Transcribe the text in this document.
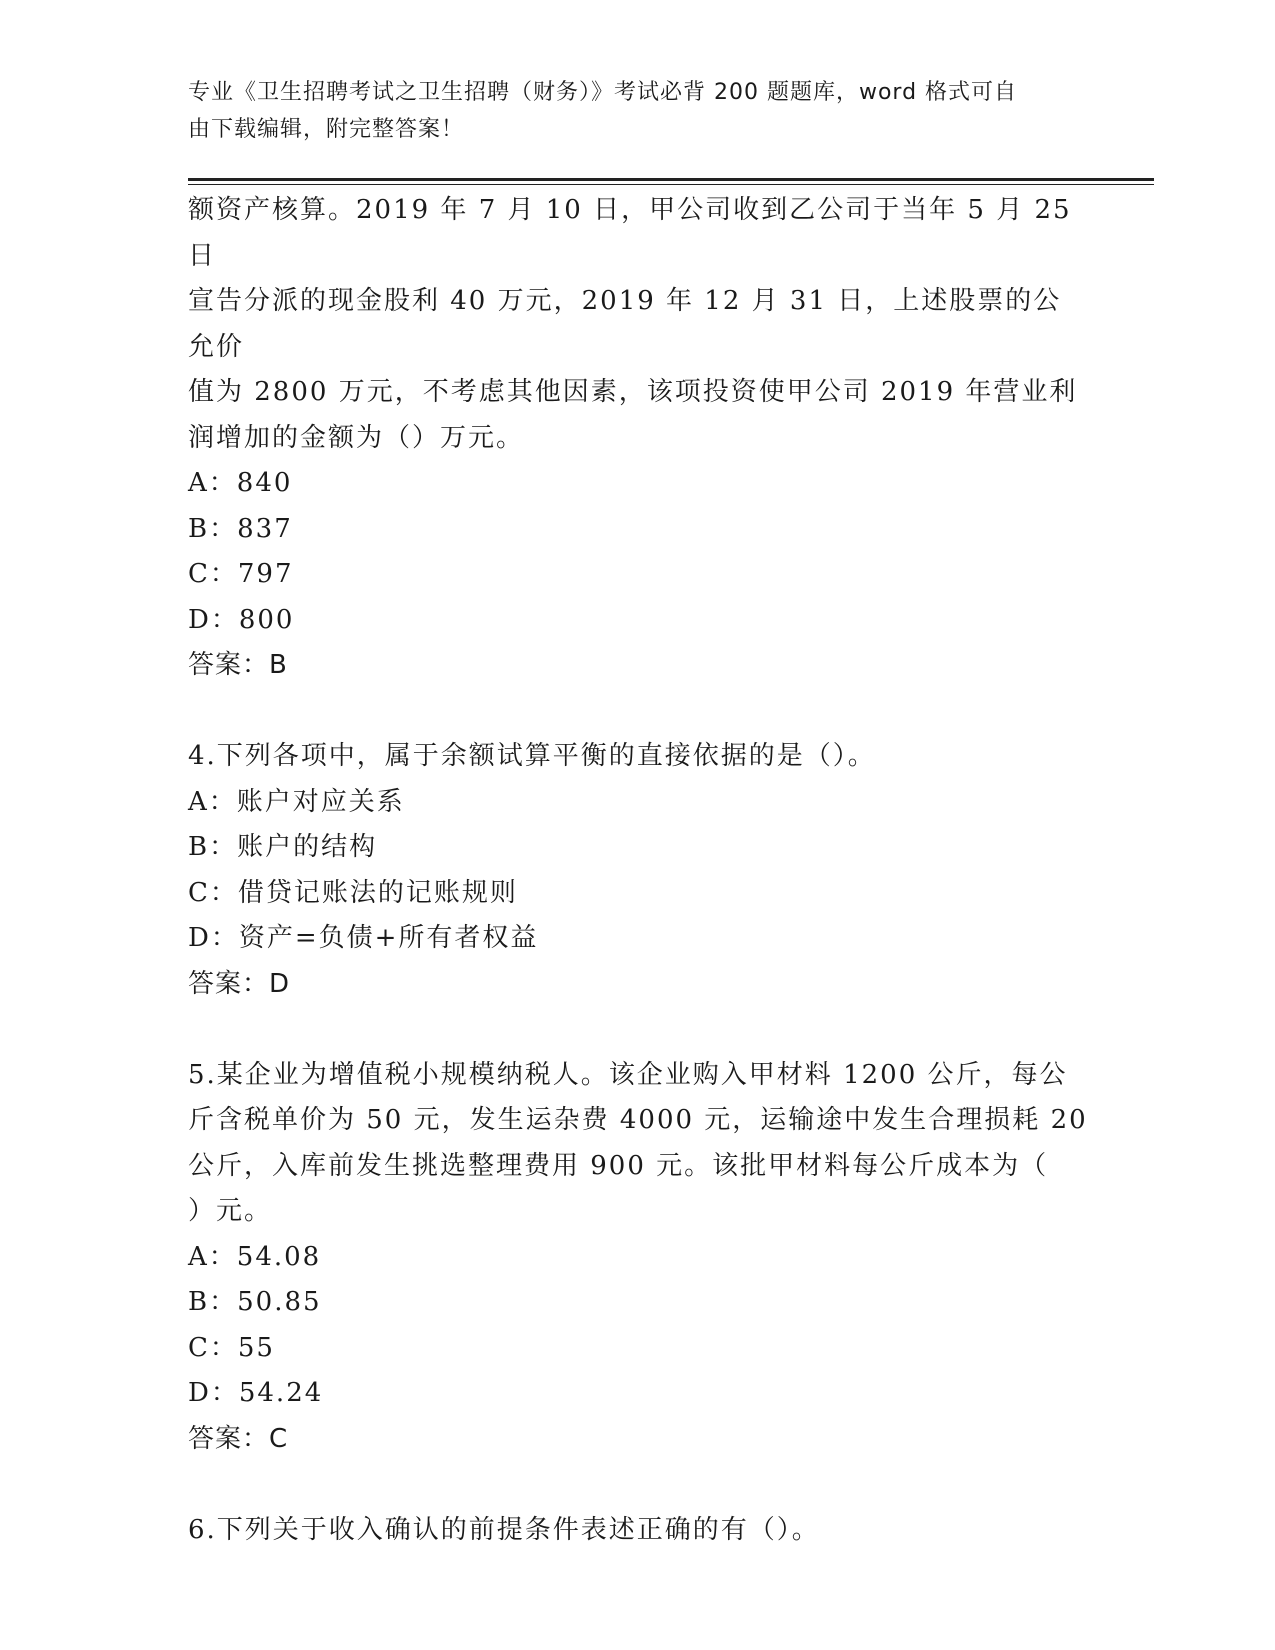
专业《卫生招聘考试之卫生招聘（财务）》考试必背 200 题题库，word 格式可自
由下载编辑，附完整答案！

额资产核算。2019 年 7 月 10 日，甲公司收到乙公司于当年 5 月 25 日

宣告分派的现金股利 40 万元，2019 年 12 月 31 日，上述股票的公允价

值为 2800 万元，不考虑其他因素，该项投资使甲公司 2019 年营业利

润增加的金额为（）万元。

A：840

B：837

C：797

D：800

答案：B

4.下列各项中，属于余额试算平衡的直接依据的是（）。

A：账户对应关系

B：账户的结构

C：借贷记账法的记账规则

D：资产=负债+所有者权益

答案：D

5.某企业为增值税小规模纳税人。该企业购入甲材料 1200 公斤，每公

斤含税单价为 50 元，发生运杂费 4000 元，运输途中发生合理损耗 20

公斤，入库前发生挑选整理费用 900 元。该批甲材料每公斤成本为（

）元。

A：54.08

B：50.85

C：55

D：54.24

答案：C

6.下列关于收入确认的前提条件表述正确的有（）。
